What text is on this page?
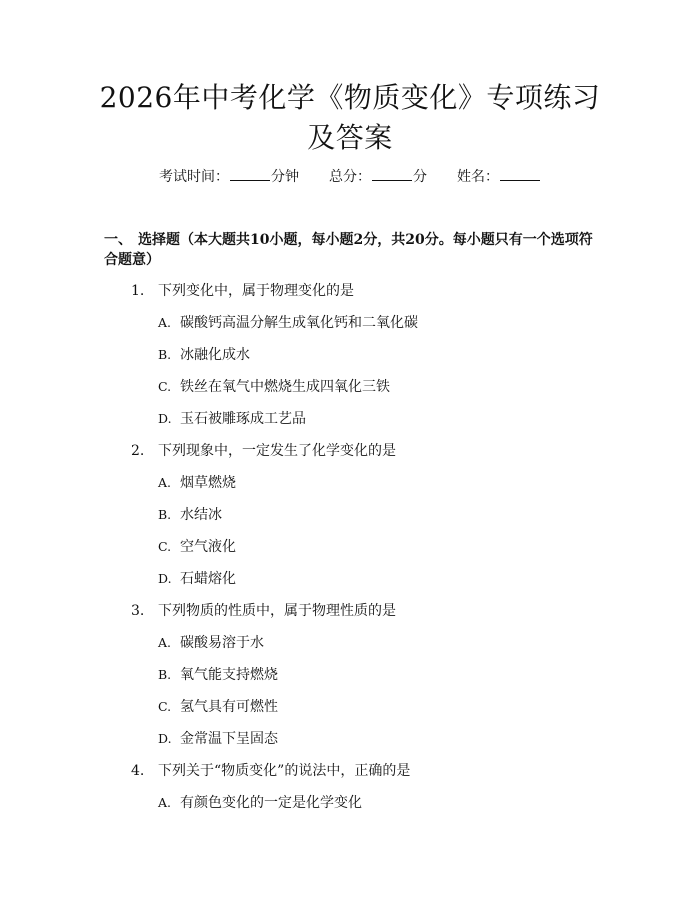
2026年中考化学《物质变化》专项练习及答案
考试时间：	分钟 总分：	分 姓名：
一、 选择题（本大题共10小题，每小题2分，共20分。每小题只有一个选项符合题意）
1. 下列变化中，属于物理变化的是
A. 碳酸钙高温分解生成氧化钙和二氧化碳
B. 冰融化成水
C. 铁丝在氧气中燃烧生成四氧化三铁
D. 玉石被雕琢成工艺品
2. 下列现象中，一定发生了化学变化的是
A. 烟草燃烧
B. 水结冰
C. 空气液化
D. 石蜡熔化
3. 下列物质的性质中，属于物理性质的是
A. 碳酸易溶于水
B. 氧气能支持燃烧
C. 氢气具有可燃性
D. 金常温下呈固态
4. 下列关于“物质变化”的说法中，正确的是
A. 有颜色变化的一定是化学变化
